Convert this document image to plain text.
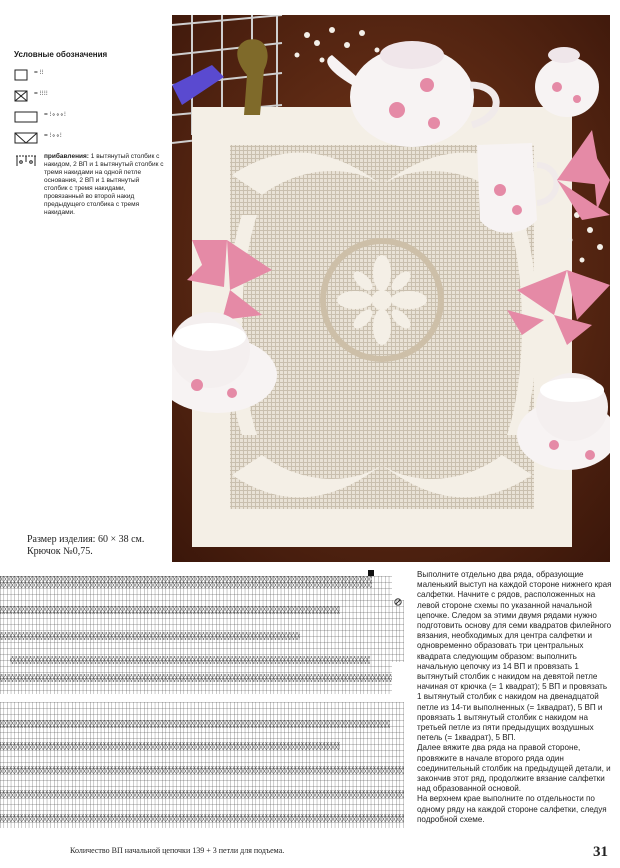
Условные обозначения
= ⁝⁝
= ⁝⁝⁝⁝
= ⁝∘∘∘⁝
= ⁝∘∘⁝
прибавления: 1 вытянутый столбик с накидом, 2 ВП и 1 вытянутый столбик с тремя накидами на одной петле основания, 2 ВП и 1 вытянутый столбик с тремя накидами, провязанный во второй накид предыдущего столбика с тремя накидами.
Размер изделия: 60 × 38 см.
Крючок №0,75.
Количество ВП начальной цепочки 139 + 3 петли для подъема.

Выполните отдельно два ряда, образующие маленький выступ на каждой стороне нижнего края салфетки. Начните с рядов, расположенных на левой стороне схемы по указанной начальной цепочке. Следом за этими двумя рядами нужно подготовить основу для семи квадратов филейного вязания, необходимых для центра салфетки и одновременно образовать три центральных квадрата следующим образом: выполнить начальную цепочку из 14 ВП и провязать 1 вытянутый столбик с накидом на девятой петле начиная от крючка (= 1 квадрат); 5 ВП и провязать 1 вытянутый столбик с накидом на двенадцатой петле из 14-ти выполненных (= 1квадрат), 5 ВП и провязать 1 вытянутый столбик с накидом на третьей петле из пяти предыдущих воздушных петель (= 1квадрат), 5 ВП.

Далее вяжите два ряда на правой стороне, провяжите в начале второго ряда один соединительный столбик на предыдущей детали, и закончив этот ряд, продолжите вязание салфетки над образованной основой.

На верхнем крае выполните по отдельности по одному ряду на каждой стороне салфетки, следуя подробной схеме.

31
